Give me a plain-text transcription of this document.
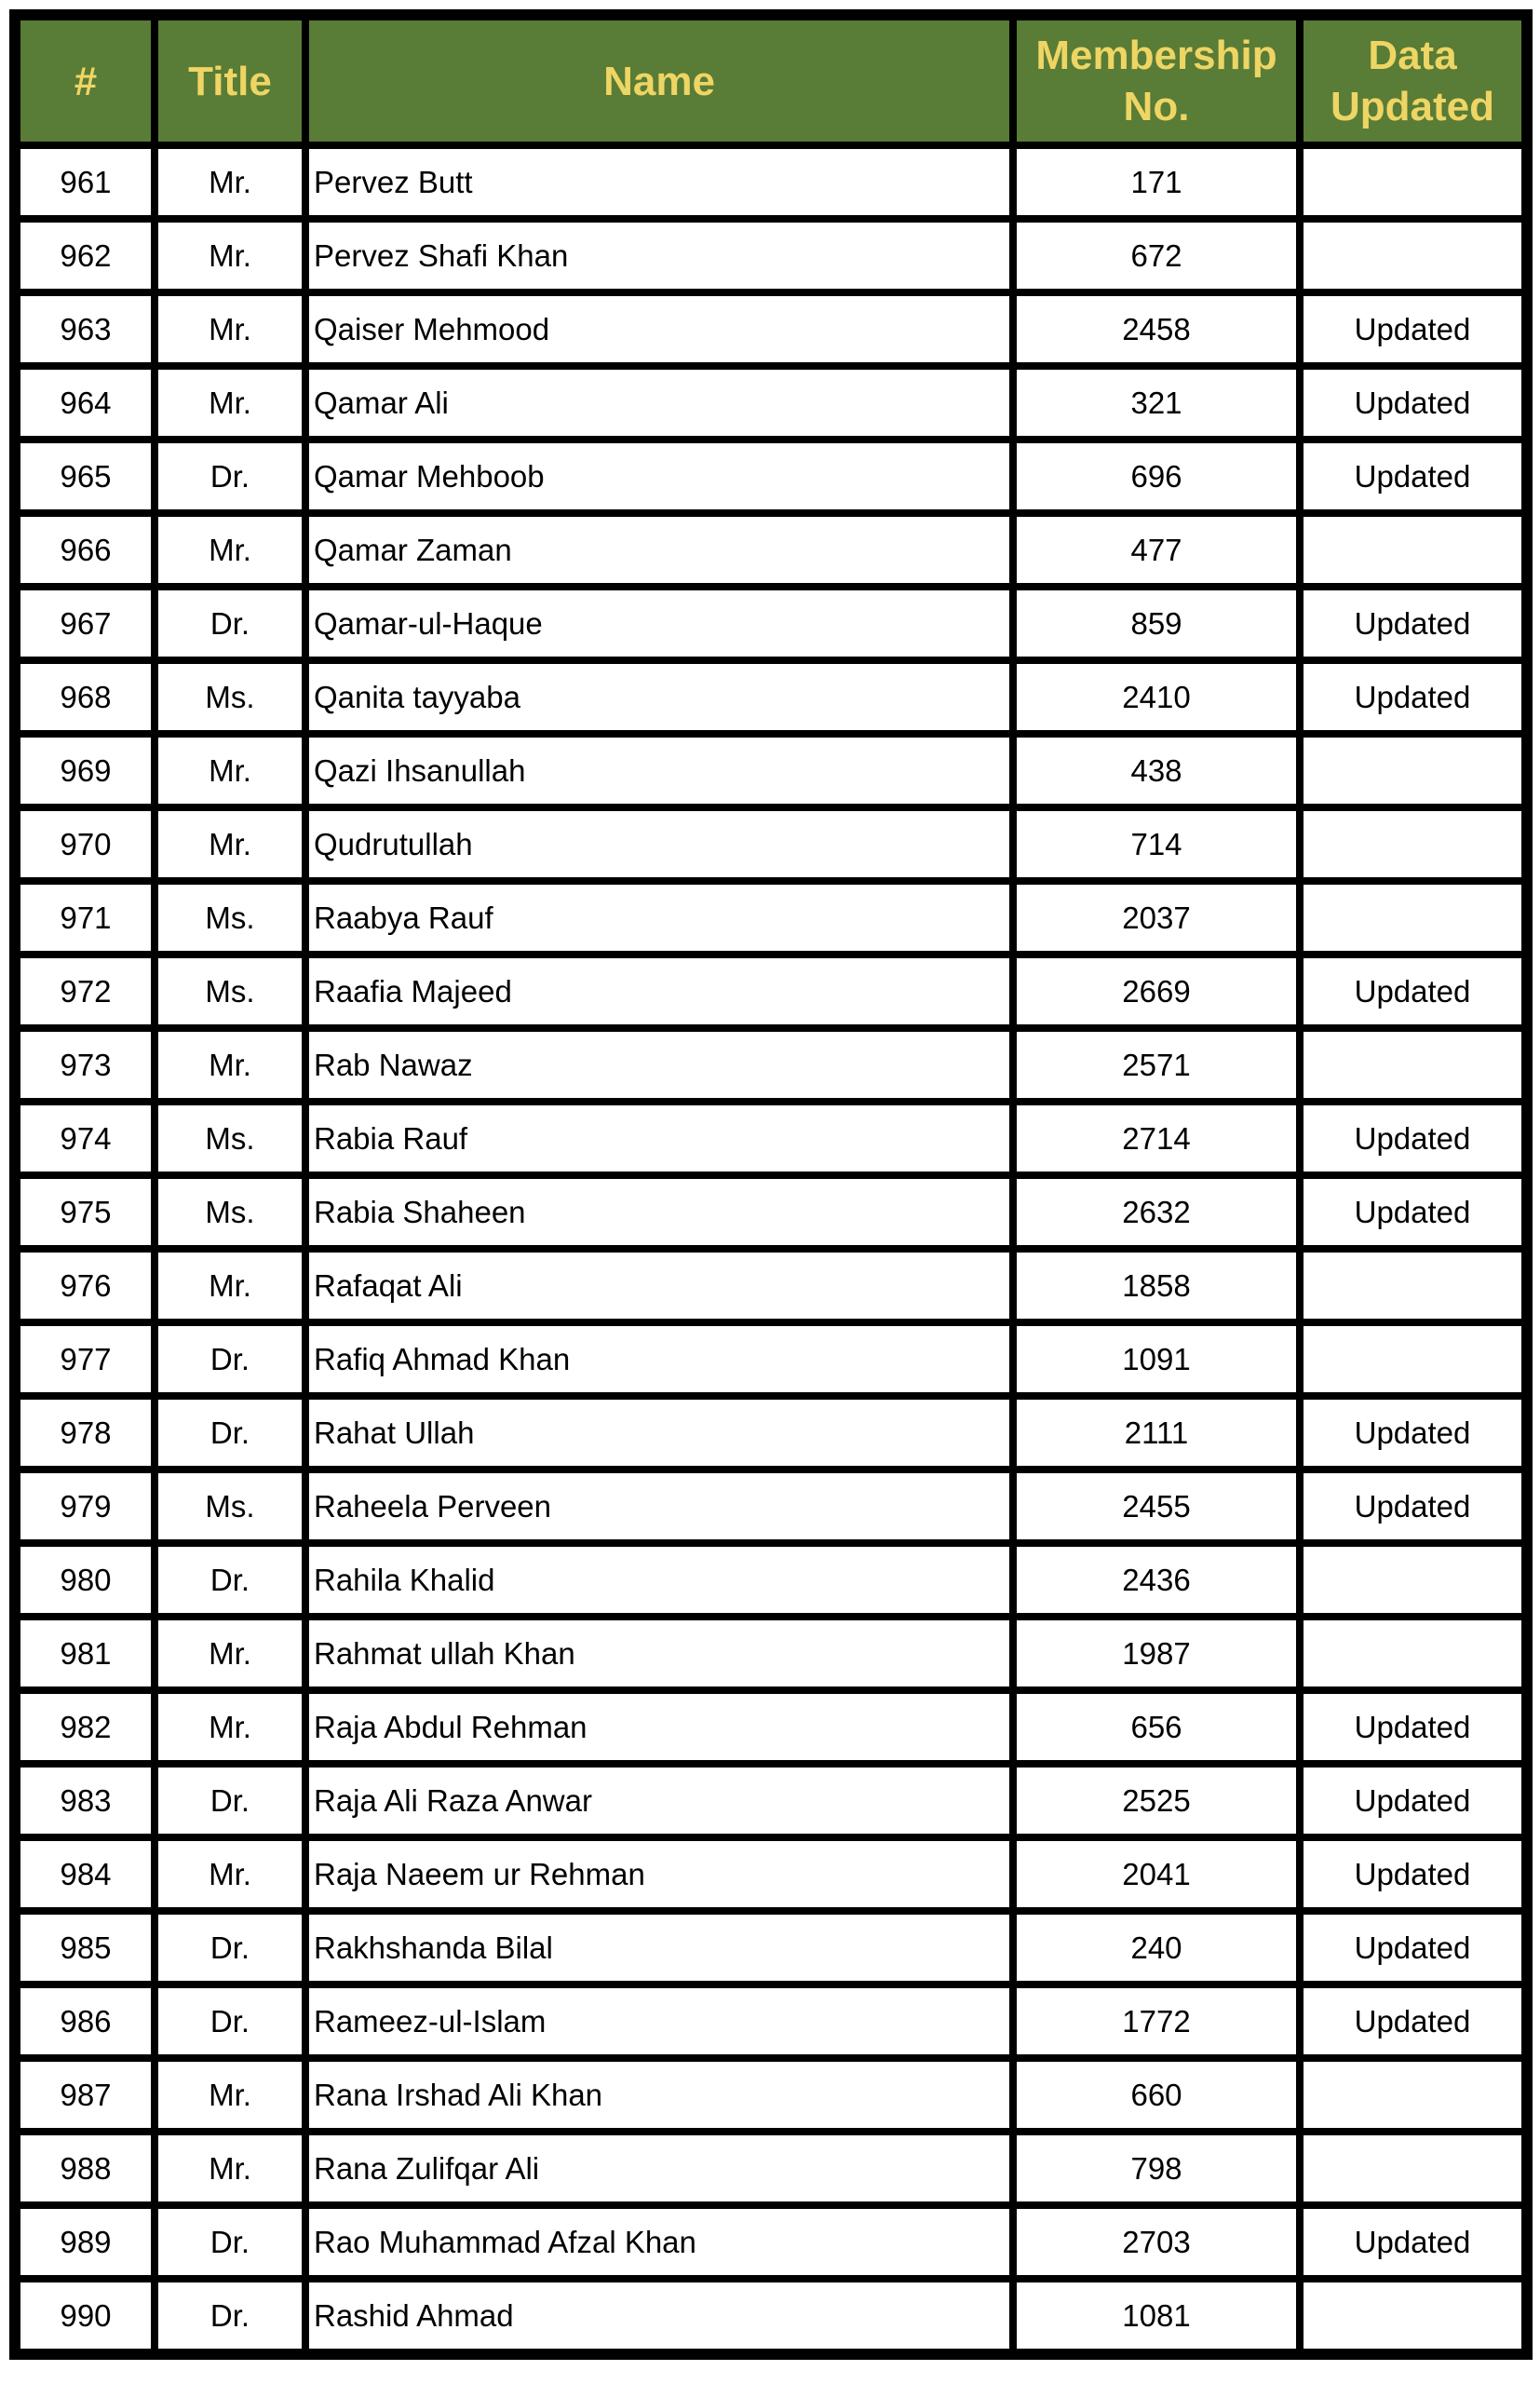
#	Title	Name	Membership No.	Data Updated
961	Mr.	Pervez Butt	171	
962	Mr.	Pervez Shafi Khan	672	
963	Mr.	Qaiser Mehmood	2458	Updated
964	Mr.	Qamar Ali	321	Updated
965	Dr.	Qamar Mehboob	696	Updated
966	Mr.	Qamar Zaman	477	
967	Dr.	Qamar-ul-Haque	859	Updated
968	Ms.	Qanita tayyaba	2410	Updated
969	Mr.	Qazi Ihsanullah	438	
970	Mr.	Qudrutullah	714	
971	Ms.	Raabya Rauf	2037	
972	Ms.	Raafia Majeed	2669	Updated
973	Mr.	Rab Nawaz	2571	
974	Ms.	Rabia Rauf	2714	Updated
975	Ms.	Rabia Shaheen	2632	Updated
976	Mr.	Rafaqat Ali	1858	
977	Dr.	Rafiq Ahmad Khan	1091	
978	Dr.	Rahat Ullah	2111	Updated
979	Ms.	Raheela Perveen	2455	Updated
980	Dr.	Rahila Khalid	2436	
981	Mr.	Rahmat ullah Khan	1987	
982	Mr.	Raja Abdul Rehman	656	Updated
983	Dr.	Raja Ali Raza Anwar	2525	Updated
984	Mr.	Raja Naeem ur Rehman	2041	Updated
985	Dr.	Rakhshanda Bilal	240	Updated
986	Dr.	Rameez-ul-Islam	1772	Updated
987	Mr.	Rana Irshad Ali Khan	660	
988	Mr.	Rana Zulifqar Ali	798	
989	Dr.	Rao Muhammad Afzal Khan	2703	Updated
990	Dr.	Rashid Ahmad	1081	
